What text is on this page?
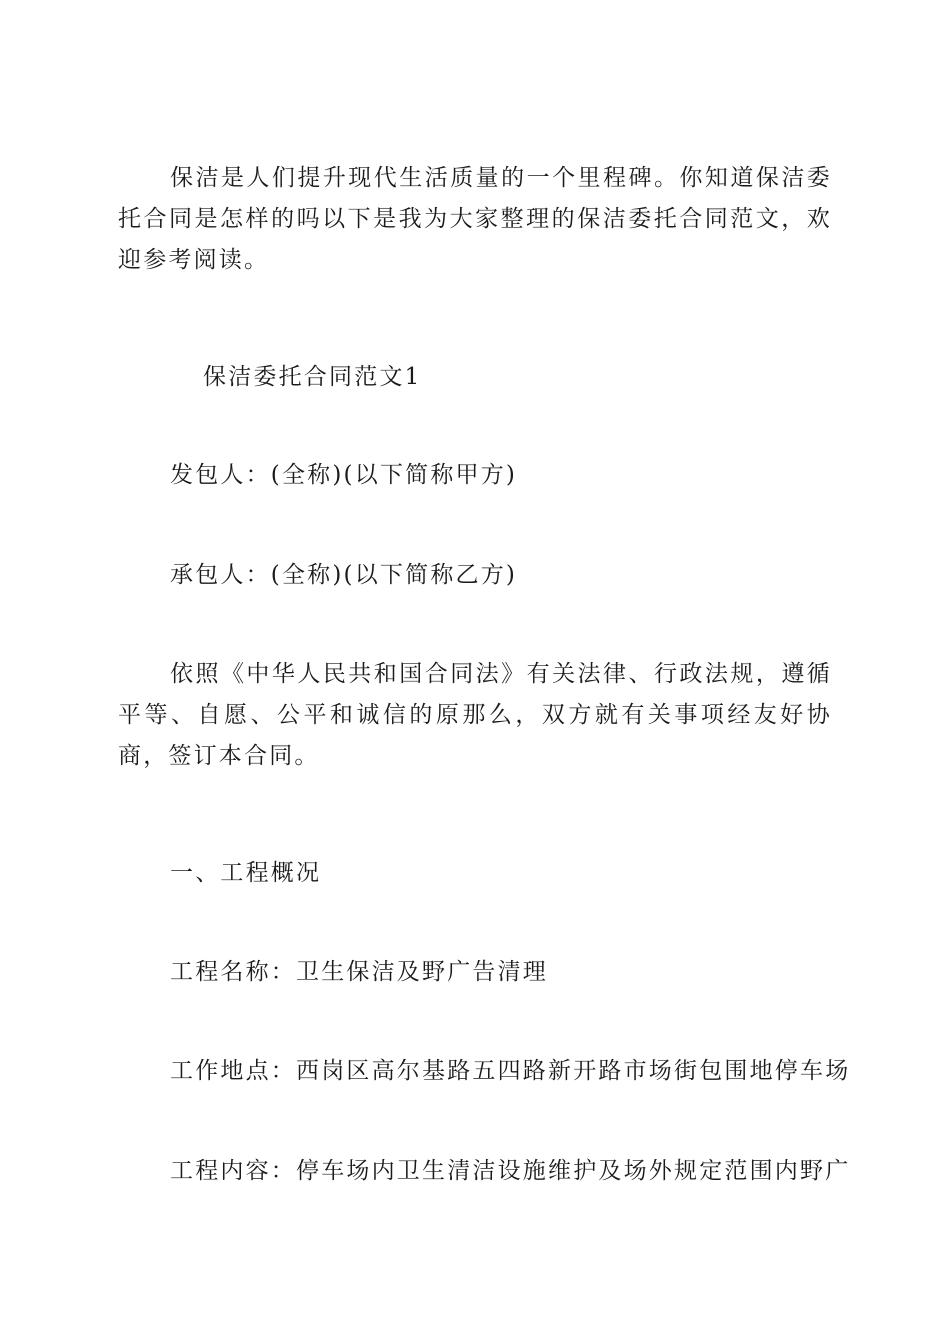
保洁是人们提升现代生活质量的一个里程碑。你知道保洁委托合同是怎样的吗以下是我为大家整理的保洁委托合同范文，欢迎参考阅读。

保洁委托合同范文1

发包人：(全称)(以下简称甲方)

承包人：(全称)(以下简称乙方)

依照《中华人民共和国合同法》有关法律、行政法规，遵循平等、自愿、公平和诚信的原那么，双方就有关事项经友好协商，签订本合同。

一、工程概况

工程名称：卫生保洁及野广告清理

工作地点：西岗区高尔基路五四路新开路市场街包围地停车场

工程内容：停车场内卫生清洁设施维护及场外规定范围内野广
